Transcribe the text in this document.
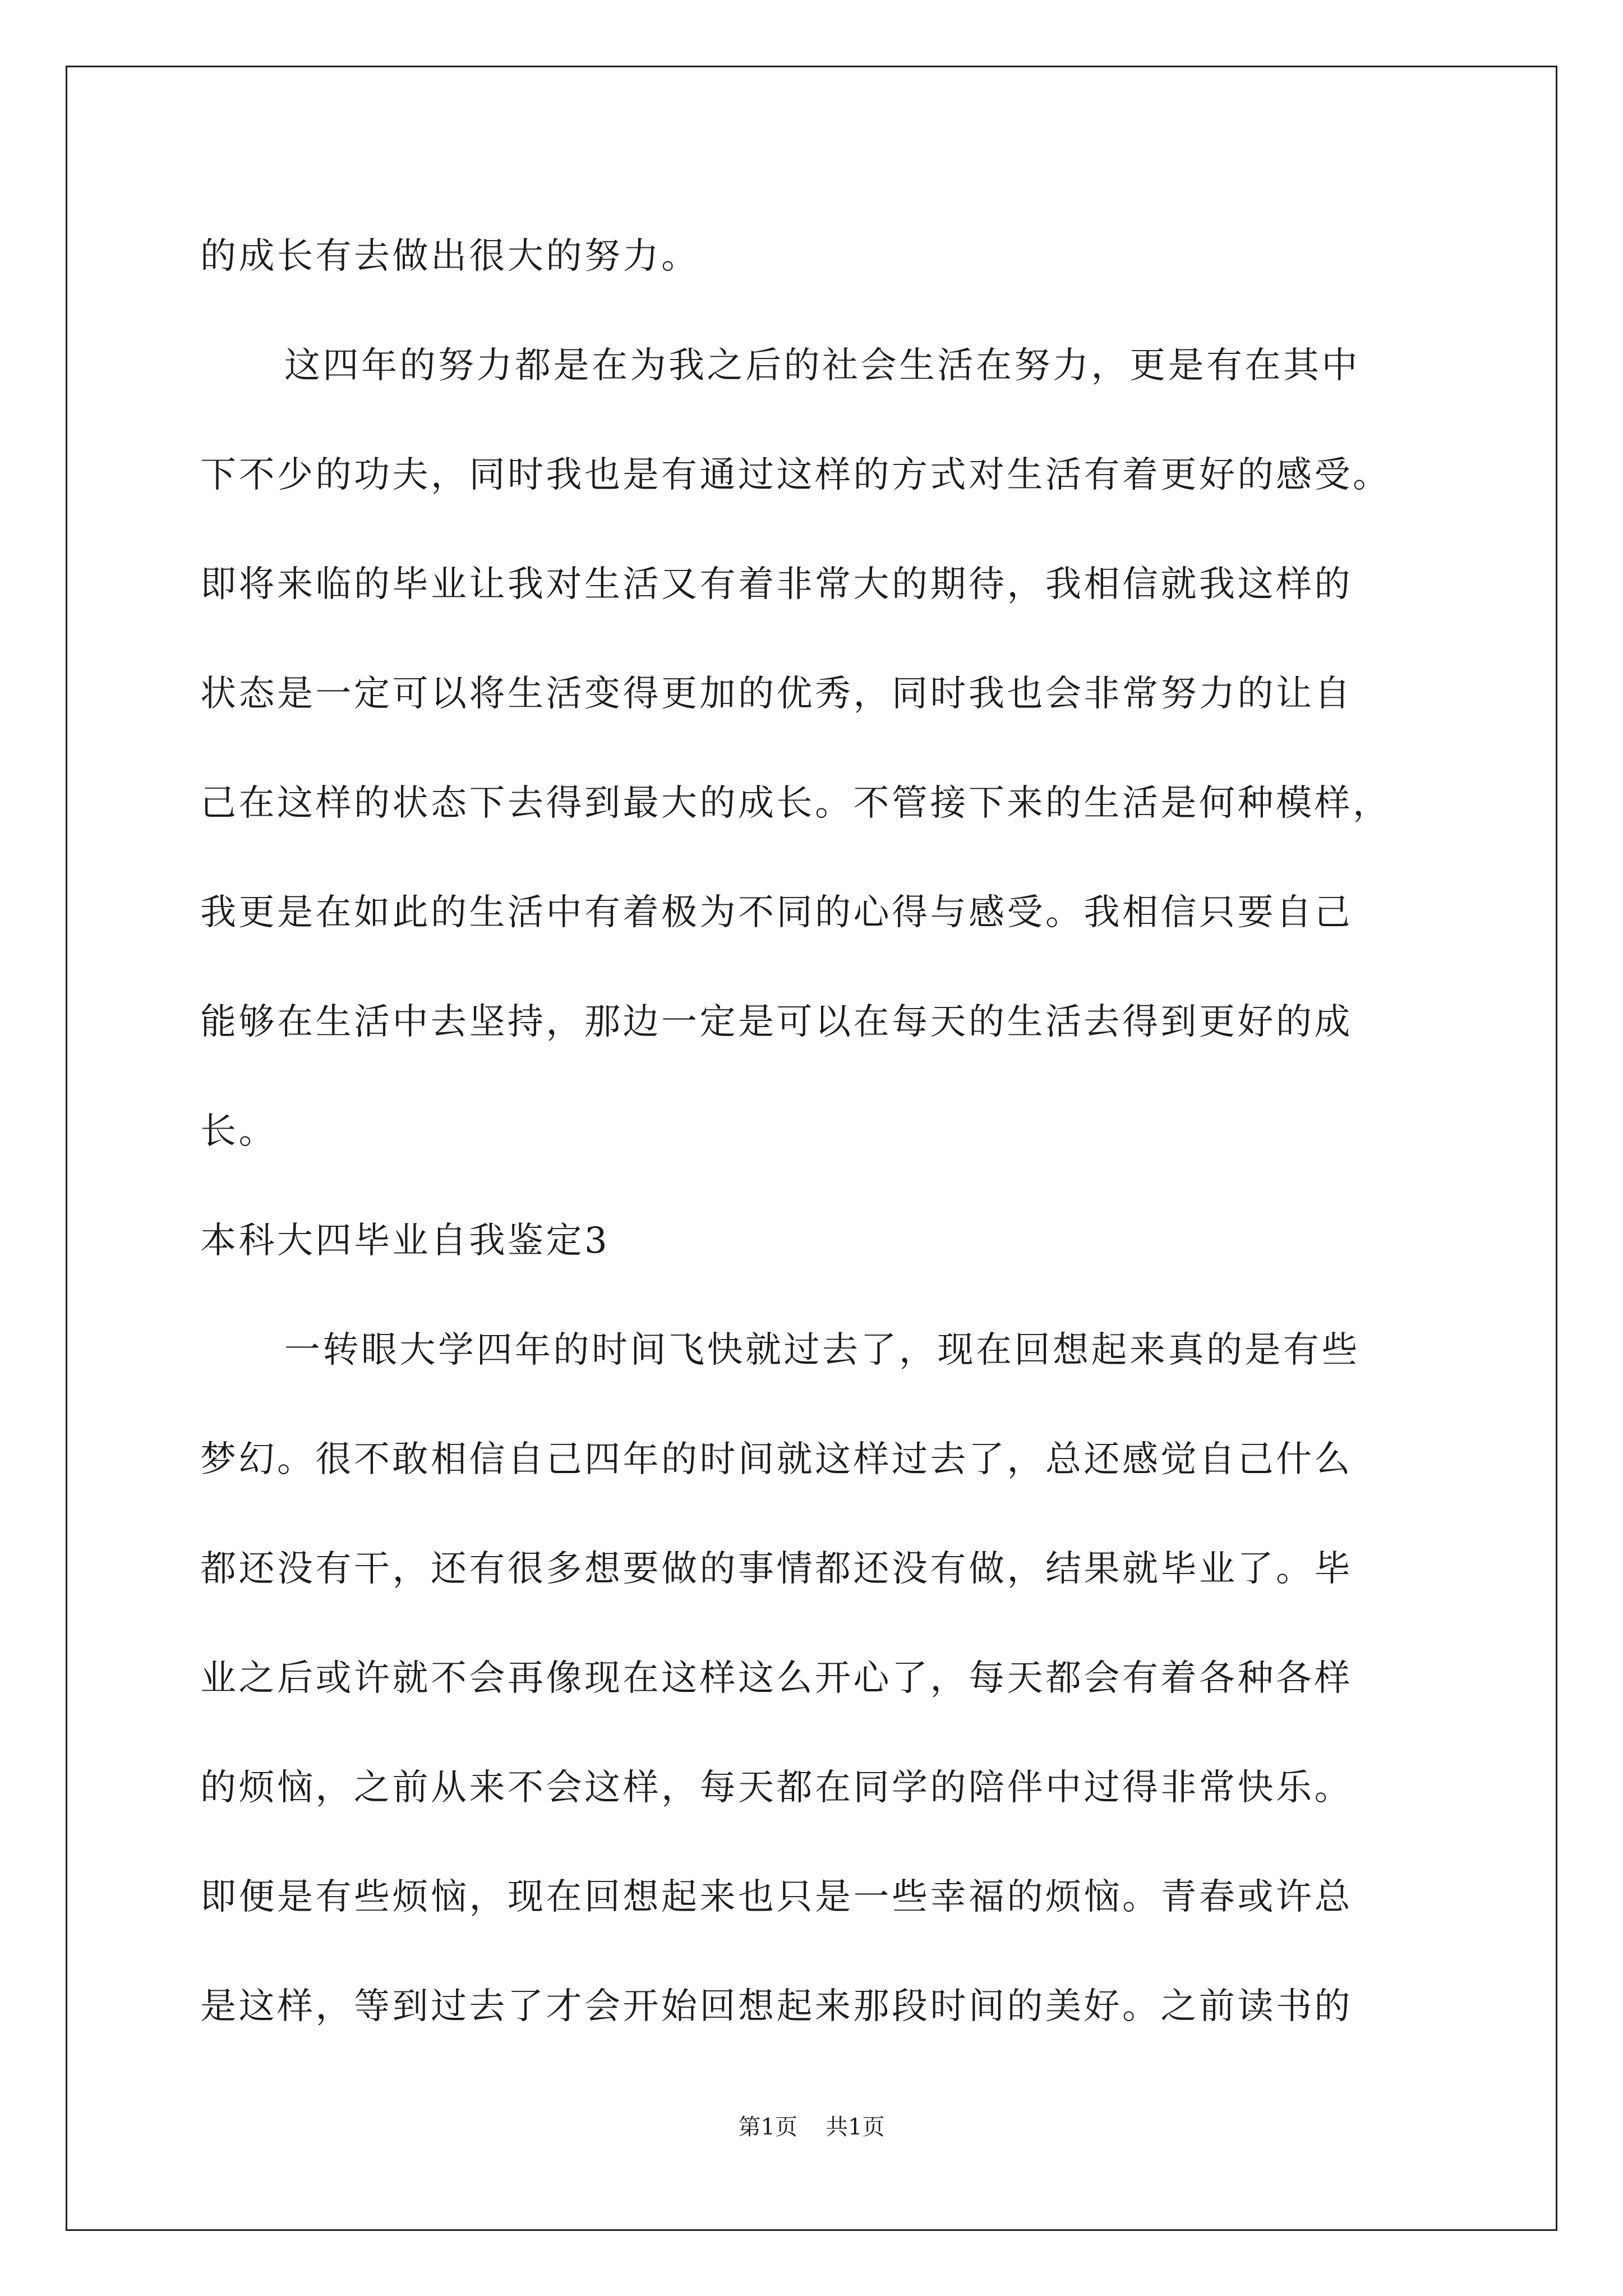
的成长有去做出很大的努力。
这四年的努力都是在为我之后的社会生活在努力，更是有在其中
下不少的功夫，同时我也是有通过这样的方式对生活有着更好的感受。
即将来临的毕业让我对生活又有着非常大的期待，我相信就我这样的
状态是一定可以将生活变得更加的优秀，同时我也会非常努力的让自
己在这样的状态下去得到最大的成长。不管接下来的生活是何种模样，
我更是在如此的生活中有着极为不同的心得与感受。我相信只要自己
能够在生活中去坚持，那边一定是可以在每天的生活去得到更好的成
长。
本科大四毕业自我鉴定3
一转眼大学四年的时间飞快就过去了，现在回想起来真的是有些
梦幻。很不敢相信自己四年的时间就这样过去了，总还感觉自己什么
都还没有干，还有很多想要做的事情都还没有做，结果就毕业了。毕
业之后或许就不会再像现在这样这么开心了，每天都会有着各种各样
的烦恼，之前从来不会这样，每天都在同学的陪伴中过得非常快乐。
即便是有些烦恼，现在回想起来也只是一些幸福的烦恼。青春或许总
是这样，等到过去了才会开始回想起来那段时间的美好。之前读书的
第1页 共1页
